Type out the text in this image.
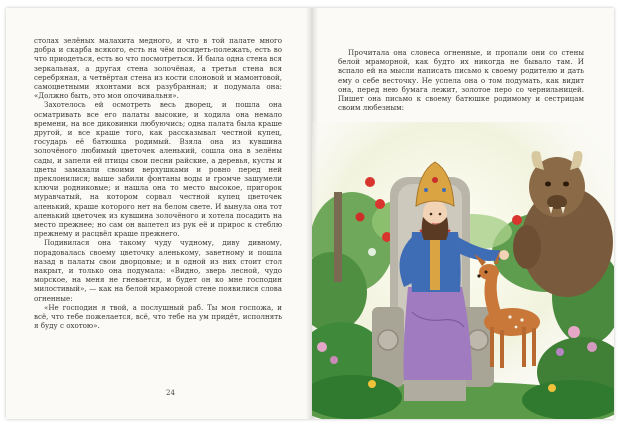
столах зелёных малахита медного, и что в той палате много добра и скарба всякого, есть на чём посидеть-полежать, есть во что приодеться, есть во что посмотреться. И была одна стена вся зеркальная, а другая стена золочёная, а третья стена вся серебряная, а четвёртая стена из кости слоновой и мамонтовой, самоцветными яхонтами вся разубранная; и подумала она: «Должно быть, это моя опочивальня».

Захотелось ей осмотреть весь дворец, и пошла она осматривать все его палаты высокие, и ходила она немало времени, на все диковинки любуючись; одна палата была краше другой, и все краше того, как рассказывал честной купец, государь её батюшка родимый. Взяла она из кувшина золочёного любимый цветочек аленький, сошла она в зелёны сады, и запели ей птицы свои песни райские, а деревья, кусты и цветы замахали своими верхушками и ровно перед ней преклонилися; выше забили фонтаны воды и громче зашумели ключи родниковые; и нашла она то место высокое, пригорок муравчатый, на котором сорвал честной купец цветочек аленький, краше которого нет на белом свете. И вынула она тот аленький цветочек из кувшина золочёного и хотела посадить на место прежнее; но сам он вылетел из рук её и прирос к стеблю прежнему и расцвёл краше прежнего.

Подивилася она такому чуду чудному, диву дивному, порадовалась своему цветочку аленькому, заветному и пошла назад в палаты свои дворцовые; и в одной из них стоит стол накрыт, и только она подумала: «Видно, зверь лесной, чудо морское, на меня не гневается, и будет он ко мне господин милостивый», — как на белой мраморной стене появилися слова огненные:

«Не господин я твой, а послушный раб. Ты моя госпожа, и всё, что тебе пожелается, всё, что тебе на ум придёт, исполнять я буду с охотою».

24

Прочитала она словеса огненные, и пропали они со стены белой мраморной, как будто их никогда не бывало там. И вспало ей на мысли написать письмо к своему родителю и дать ему о себе весточку. Не успела она о том подумать, как видит она, перед нею бумага лежит, золотое перо со чернильницей. Пишет она письмо к своему батюшке родимому и сестрицам своим любезным:
